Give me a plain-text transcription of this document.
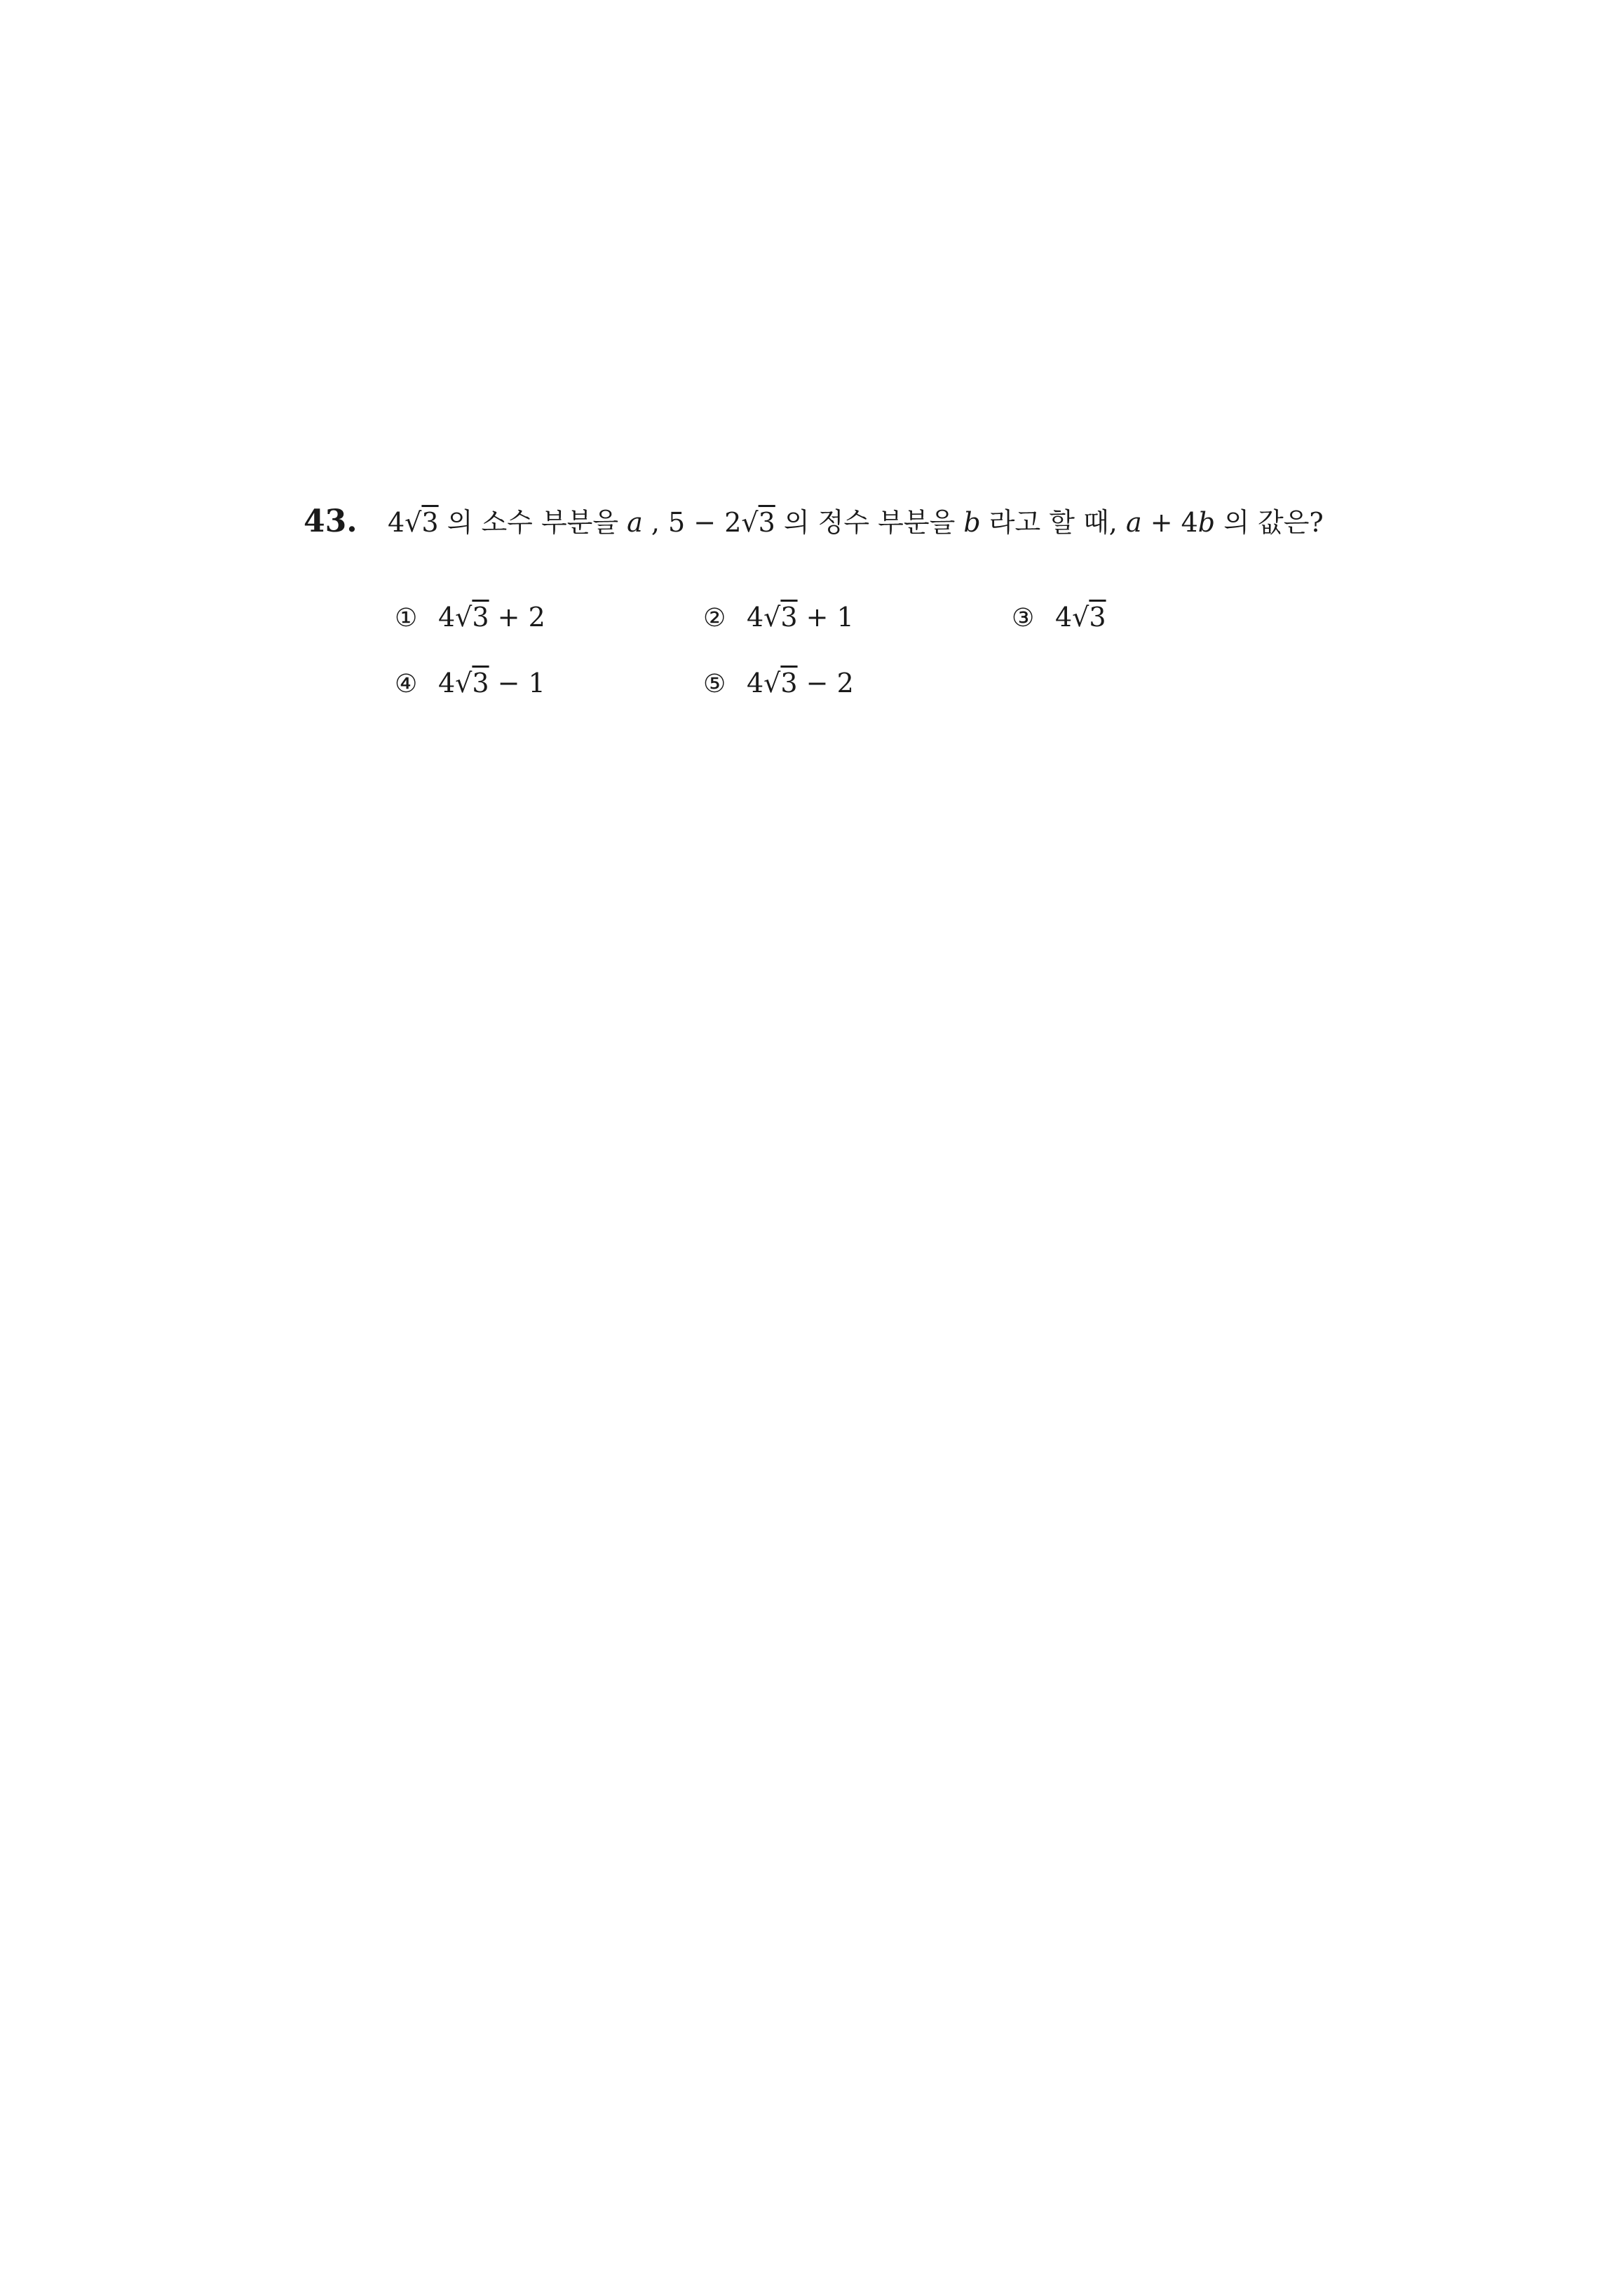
43.	4√3 의 소수 부분을 a , 5 − 2√3 의 정수 부분을 b 라고 할 때, a + 4b 의 값은?
① 4√3 + 2	② 4√3 + 1	③ 4√3
④ 4√3 − 1	⑤ 4√3 − 2
